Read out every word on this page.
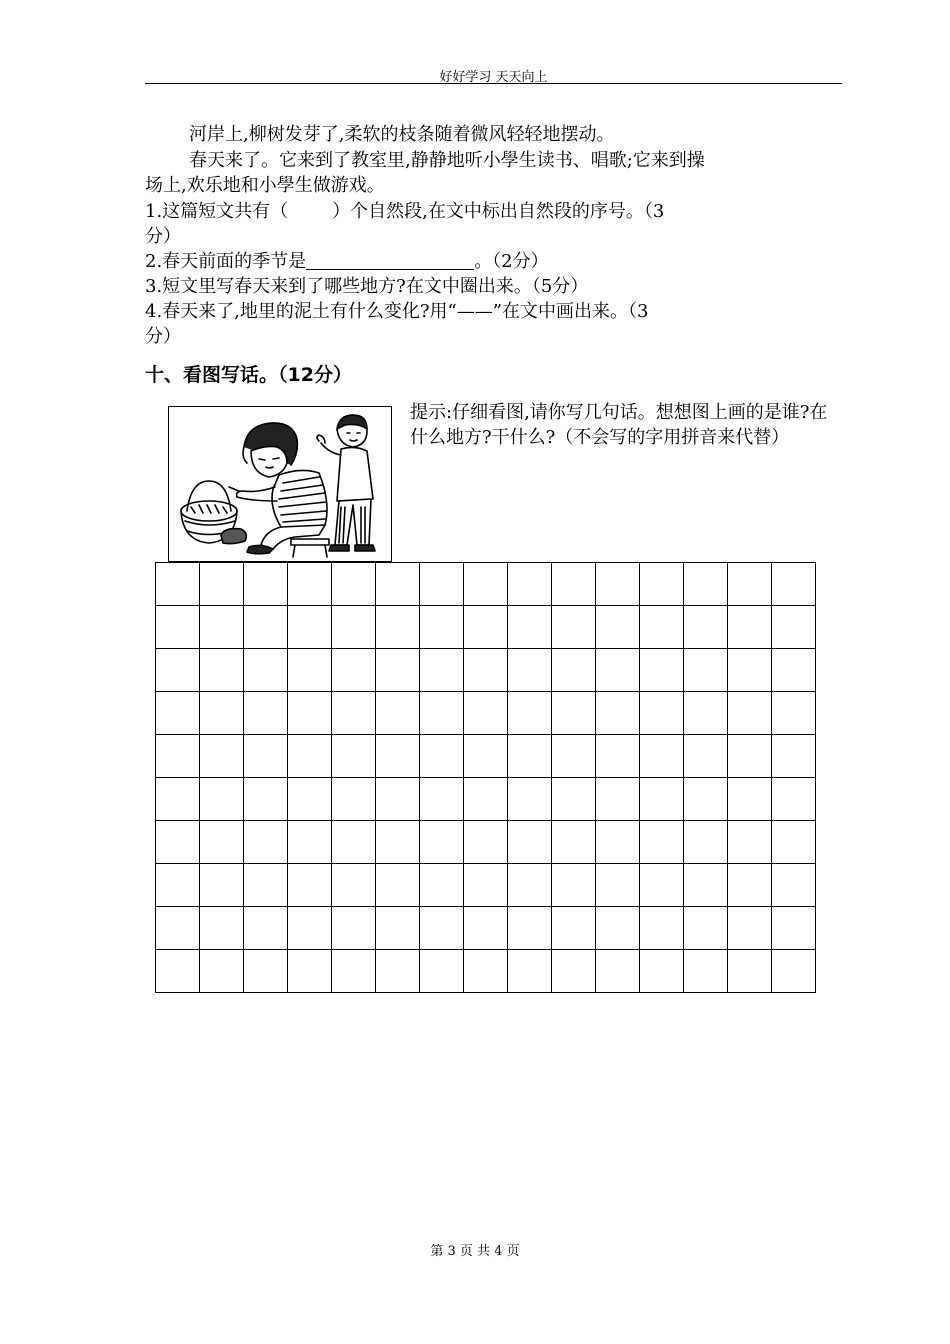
好好学习 天天向上
河岸上,柳树发芽了,柔软的枝条随着微风轻轻地摆动。
春天来了。它来到了教室里,静静地听小學生读书、唱歌;它来到操
场上,欢乐地和小學生做游戏。
1.这篇短文共有（ ）个自然段,在文中标出自然段的序号。（3
分）
2.春天前面的季节是	。（2分）
3.短文里写春天来到了哪些地方?在文中圈出来。（5分）
4.春天来了,地里的泥土有什么变化?用“——”在文中画出来。（3
分）
十、看图写话。（12分）
提示:仔细看图,请你写几句话。想想图上画的是谁?在什么地方?干什么?（不会写的字用拼音来代替）

第 3 页 共 4 页
